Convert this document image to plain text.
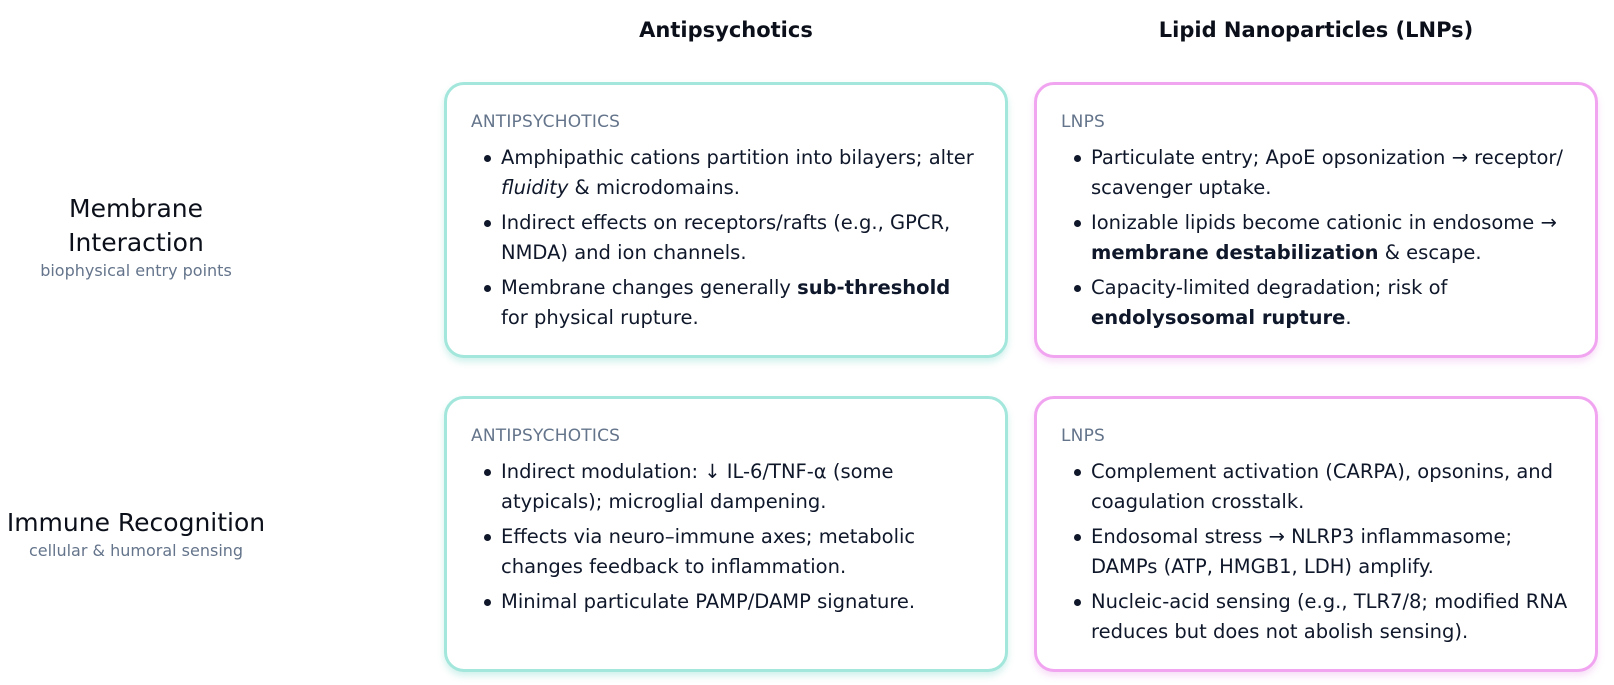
Antipsychotics	Lipid Nanoparticles (LNPs)
Membrane Interaction
biophysical entry points
Immune Recognition
cellular & humoral sensing
ANTIPSYCHOTICS
Amphipathic cations partition into bilayers; alter fluidity & microdomains.
Indirect effects on receptors/rafts (e.g., GPCR, NMDA) and ion channels.
Membrane changes generally sub-threshold for physical rupture.
LNPS
Particulate entry; ApoE opsonization → receptor/ scavenger uptake.
Ionizable lipids become cationic in endosome → membrane destabilization & escape.
Capacity-limited degradation; risk of endolysosomal rupture.
ANTIPSYCHOTICS
Indirect modulation: ↓ IL-6/TNF-α (some atypicals); microglial dampening.
Effects via neuro–immune axes; metabolic changes feedback to inflammation.
Minimal particulate PAMP/DAMP signature.
LNPS
Complement activation (CARPA), opsonins, and coagulation crosstalk.
Endosomal stress → NLRP3 inflammasome; DAMPs (ATP, HMGB1, LDH) amplify.
Nucleic-acid sensing (e.g., TLR7/8; modified RNA reduces but does not abolish sensing).
